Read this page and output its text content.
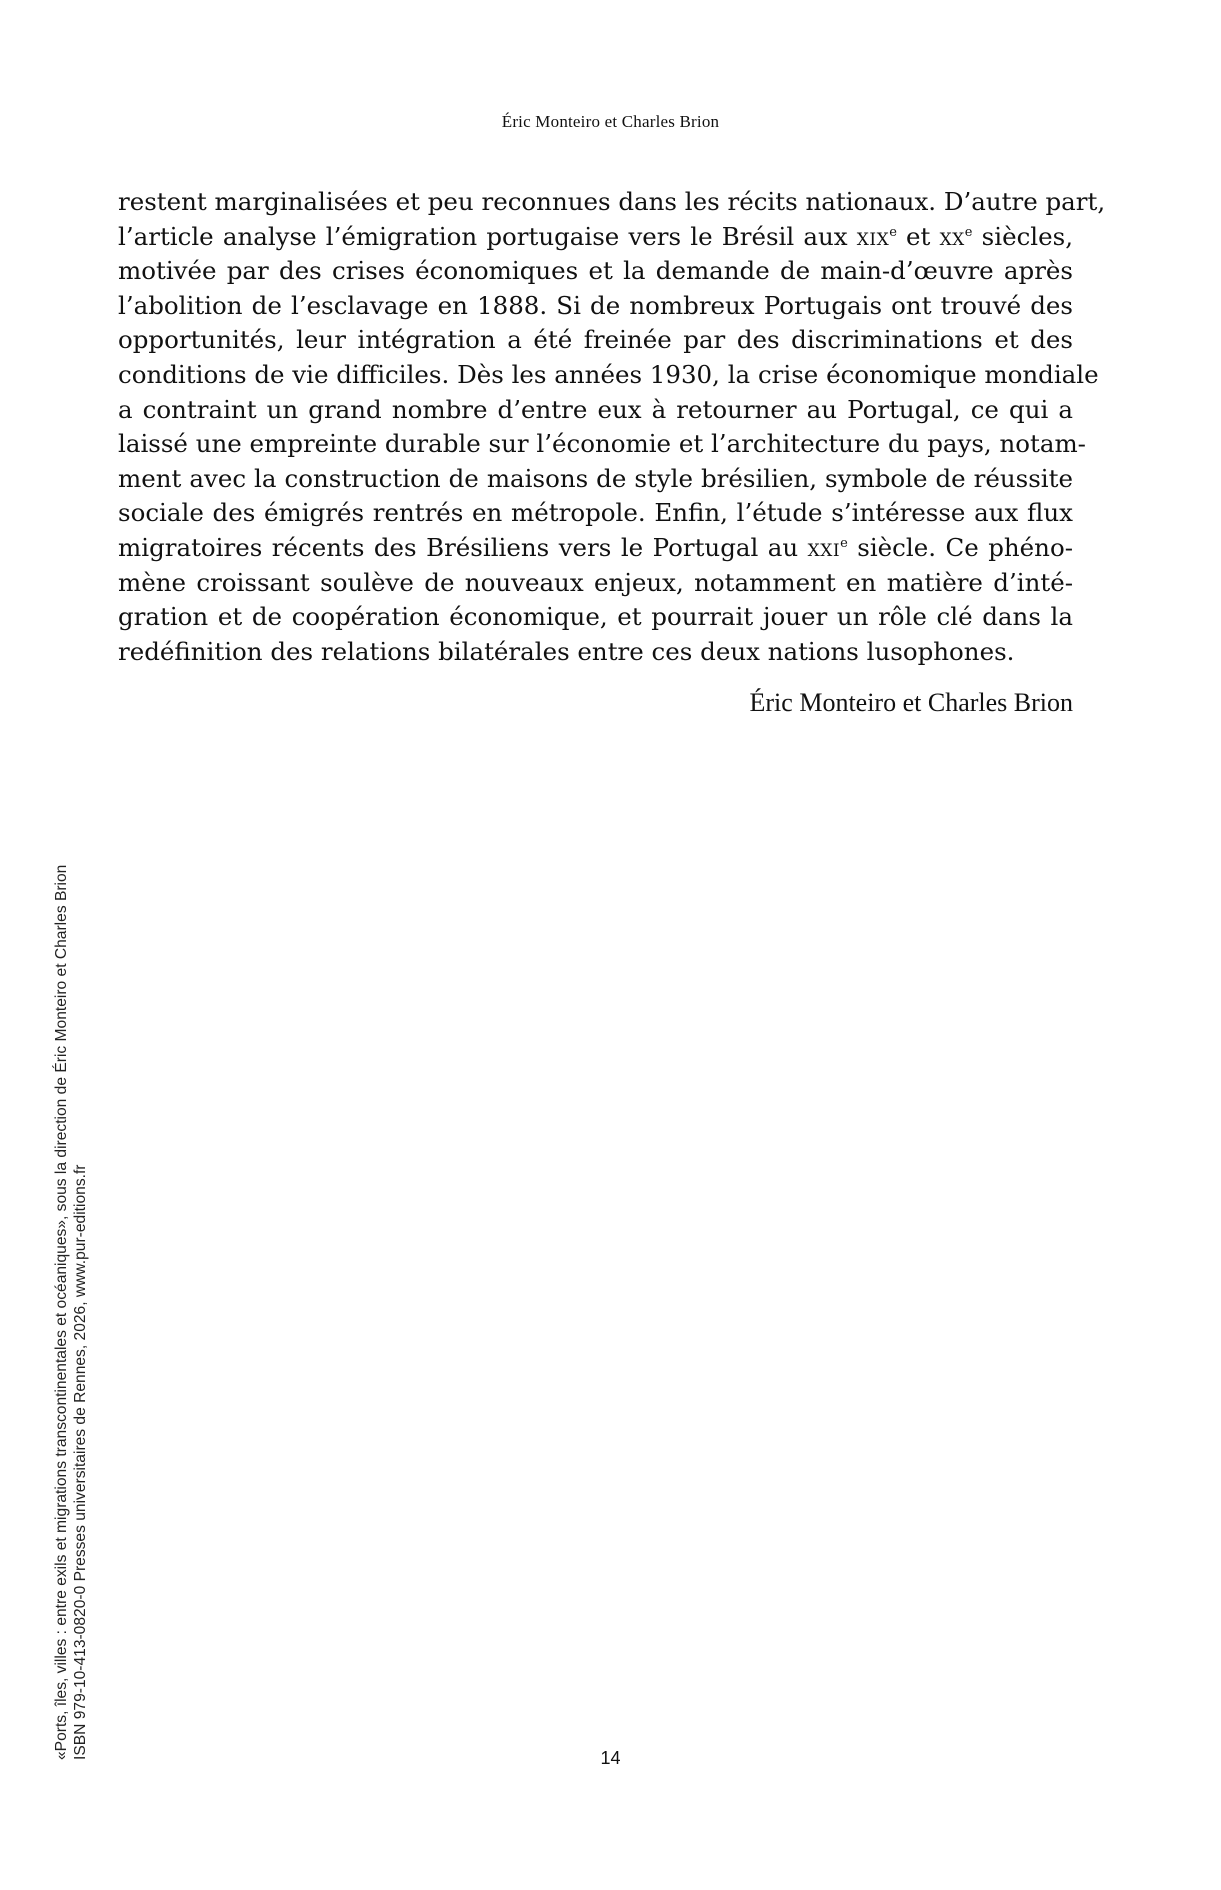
Éric Monteiro et Charles Brion
restent marginalisées et peu reconnues dans les récits nationaux. D’autre part,
l’article analyse l’émigration portugaise vers le Brésil aux xix$^e$ et $xx^e$ siècles,
motivée par des crises économiques et la demande de main-d’œuvre après
l’abolition de l’esclavage en 1888. Si de nombreux Portugais ont trouvé des
opportunités, leur intégration a été freinée par des discriminations et des
conditions de vie difficiles. Dès les années 1930, la crise économique mondiale
a contraint un grand nombre d’entre eux à retourner au Portugal, ce qui a
laissé une empreinte durable sur l’économie et l’architecture du pays, notam-
ment avec la construction de maisons de style brésilien, symbole de réussite
sociale des émigrés rentrés en métropole. Enfin, l’étude s’intéresse aux flux
migratoires récents des Brésiliens vers le Portugal au xxi$^e$ siècle. Ce phéno-
mène croissant soulève de nouveaux enjeux, notamment en matière d’inté-
gration et de coopération économique, et pourrait jouer un rôle clé dans la
redéfinition des relations bilatérales entre ces deux nations lusophones.
Éric Monteiro et Charles Brion
«Ports, îles, villes : entre exils et migrations transcontinentales et océaniques», sous la direction de Éric Monteiro et Charles Brion ISBN 979-10-413-0820-0 Presses universitaires de Rennes, 2026, www.pur-editions.fr	14
